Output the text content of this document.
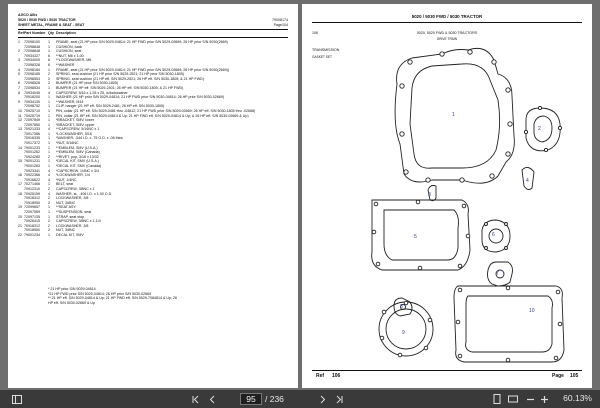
AGCO Allis
5020 / 5030 FWD / 5030 TRACTOR	79008174
SHEET METAL, FRAME & SEAT - SEAT	Page104
Ref Part Number Qty Description
1	72098100	1	FRAME, seat (21 HP prior S/N 5029-04814; 21 HP FWD prior S/N 5029-02669; 26 HP prior S/N 5030(2669)
72098848	1	CUSHION, back
2	72098848	1	CUSHION, seat
70934327	6	**NUT, M6 x 1.00
3	70934009	6	**LOCKWASHER, M6
72098328	6	**WASHER
4	72098184	1	FRAME, seat (21 HP prior S/N 5029-04814; 21 HP FWD prior S/N 5029-02669; 26 HP prior S/N 5030(2669))
5	72098185	2	SPRING, seat cushion (21 HP prior S/N 5029-2521; 21 HP prior S/N 5030-1805)
72098553	2	SPRING, seat cushion (21 HP eff. S/N 5029-2521; 26 HP eff. S/N 5030-1805; & 21 HP FWD)
6	72098528	2	BUMPER (21 HP prior S/N 5030-1805)
7	72098534	1	BUMPER (21 HP eff. S/N 5029-2401; 26 HP eff. S/N 5030-1805; & 21 HP FWD)
8	70934045	4	CAPSCREW, 5/16 x 1.25 x 25, w/lockwasher
70918200	1	WASHER (21 HP prior S/N 5029-04814; 21 HP FWD prior S/N 5030-04814; 26 HP prior S/N 5030-02669)
9	70934130	1	**WASHER, M14
72098752	1	CLIP, hanger (21 HP eff. S/N 5029-2481; 26 HP eff. S/N 5030-1805)
10 70925710	1	PIN, collar (21 HP eff. S/N 5029-0481 thru -04812; 21 HP FWD prior S/N 5029-02669; 26 HP eff. S/N 5030-1805 thru -02668)
11 70925719	1	PIN, collar (21 HP eff. S/N 5029-04814 & Up; 21 HP FWD eff. S/N 5029-04814 & Up; & 26 HP eff. S/N 5030-02669 & Up)
12 72097849	1	*BRACKET, SMV, lower
72097850	1	*BRACKET, SMV, upper
13 70921333	4	**CAPSCREW, 5/16NC x 1
70917366	1	*LOCKWASHER, 5/16
70916335	1	*WASHER, .344 I.D. x .75 O.D. x .06 thick
70917372	1	*NUT, 5/16NC
14 79001233	1	**EMBLEM, SMV (U.S.A.)
79001262	1	**EMBLEM, SMV (Canada)
70924280	2	**RIVET, pop, 3/16 x 13/32
15 79001231	1	*DECAL KIT, SMV (U.S.A.)
79001263	1	*DECAL KIT, SMV (Canada)
70923341	4	*CAPSCREW, 1/4NC x 3/4
16 70922366	4	*LOCKWASHER, 1/4
70916622	4	*NUT, 1/4NC
17 70271466	1	BELT, seat
70912310	2	CAPSCREW, 3/8NC x 1
18 70925159	4	WASHER, st., .406 I.D. x 1.00 O.D.
70918312	2	LOCKWASHER, 3/8
70918950	2	NUT, 3/8NC
19 72099657	1	**SEAT ASY.
72097559	1	**SUSPENSION, seat
20 72097135	1	STRAP, seat stop
70926415	2	CAPSCREW, 3/8NC x 1-1/4
21 70918312	2	LOCKWASHER, 3/8
70918950	2	NUT, 3/8NC
22 79001234	1	DECAL KIT, SMV
* 21 HP prior S/N 5029-04814
*21 HP FWD prior S/N 5029-04814; 26 HP prior S/N 5030-02669
** 21 HP eff. S/N 5029-04814 & Up; 21 HP FWD eff. S/N 5029-7084814 & Up; 26 HP eff. S/N 5030-02669 & Up
5020 / 5030 FWD / 5030 TRACTOR
106	5020, 5020 FWD & 5030 TRACTORS
DRIVE TRAIN
TRANSMISSION
GASKET SET
1
2
3
4
5	6
7
8
9
10
Ref 106	Page 105
95
/ 236	60.13%
